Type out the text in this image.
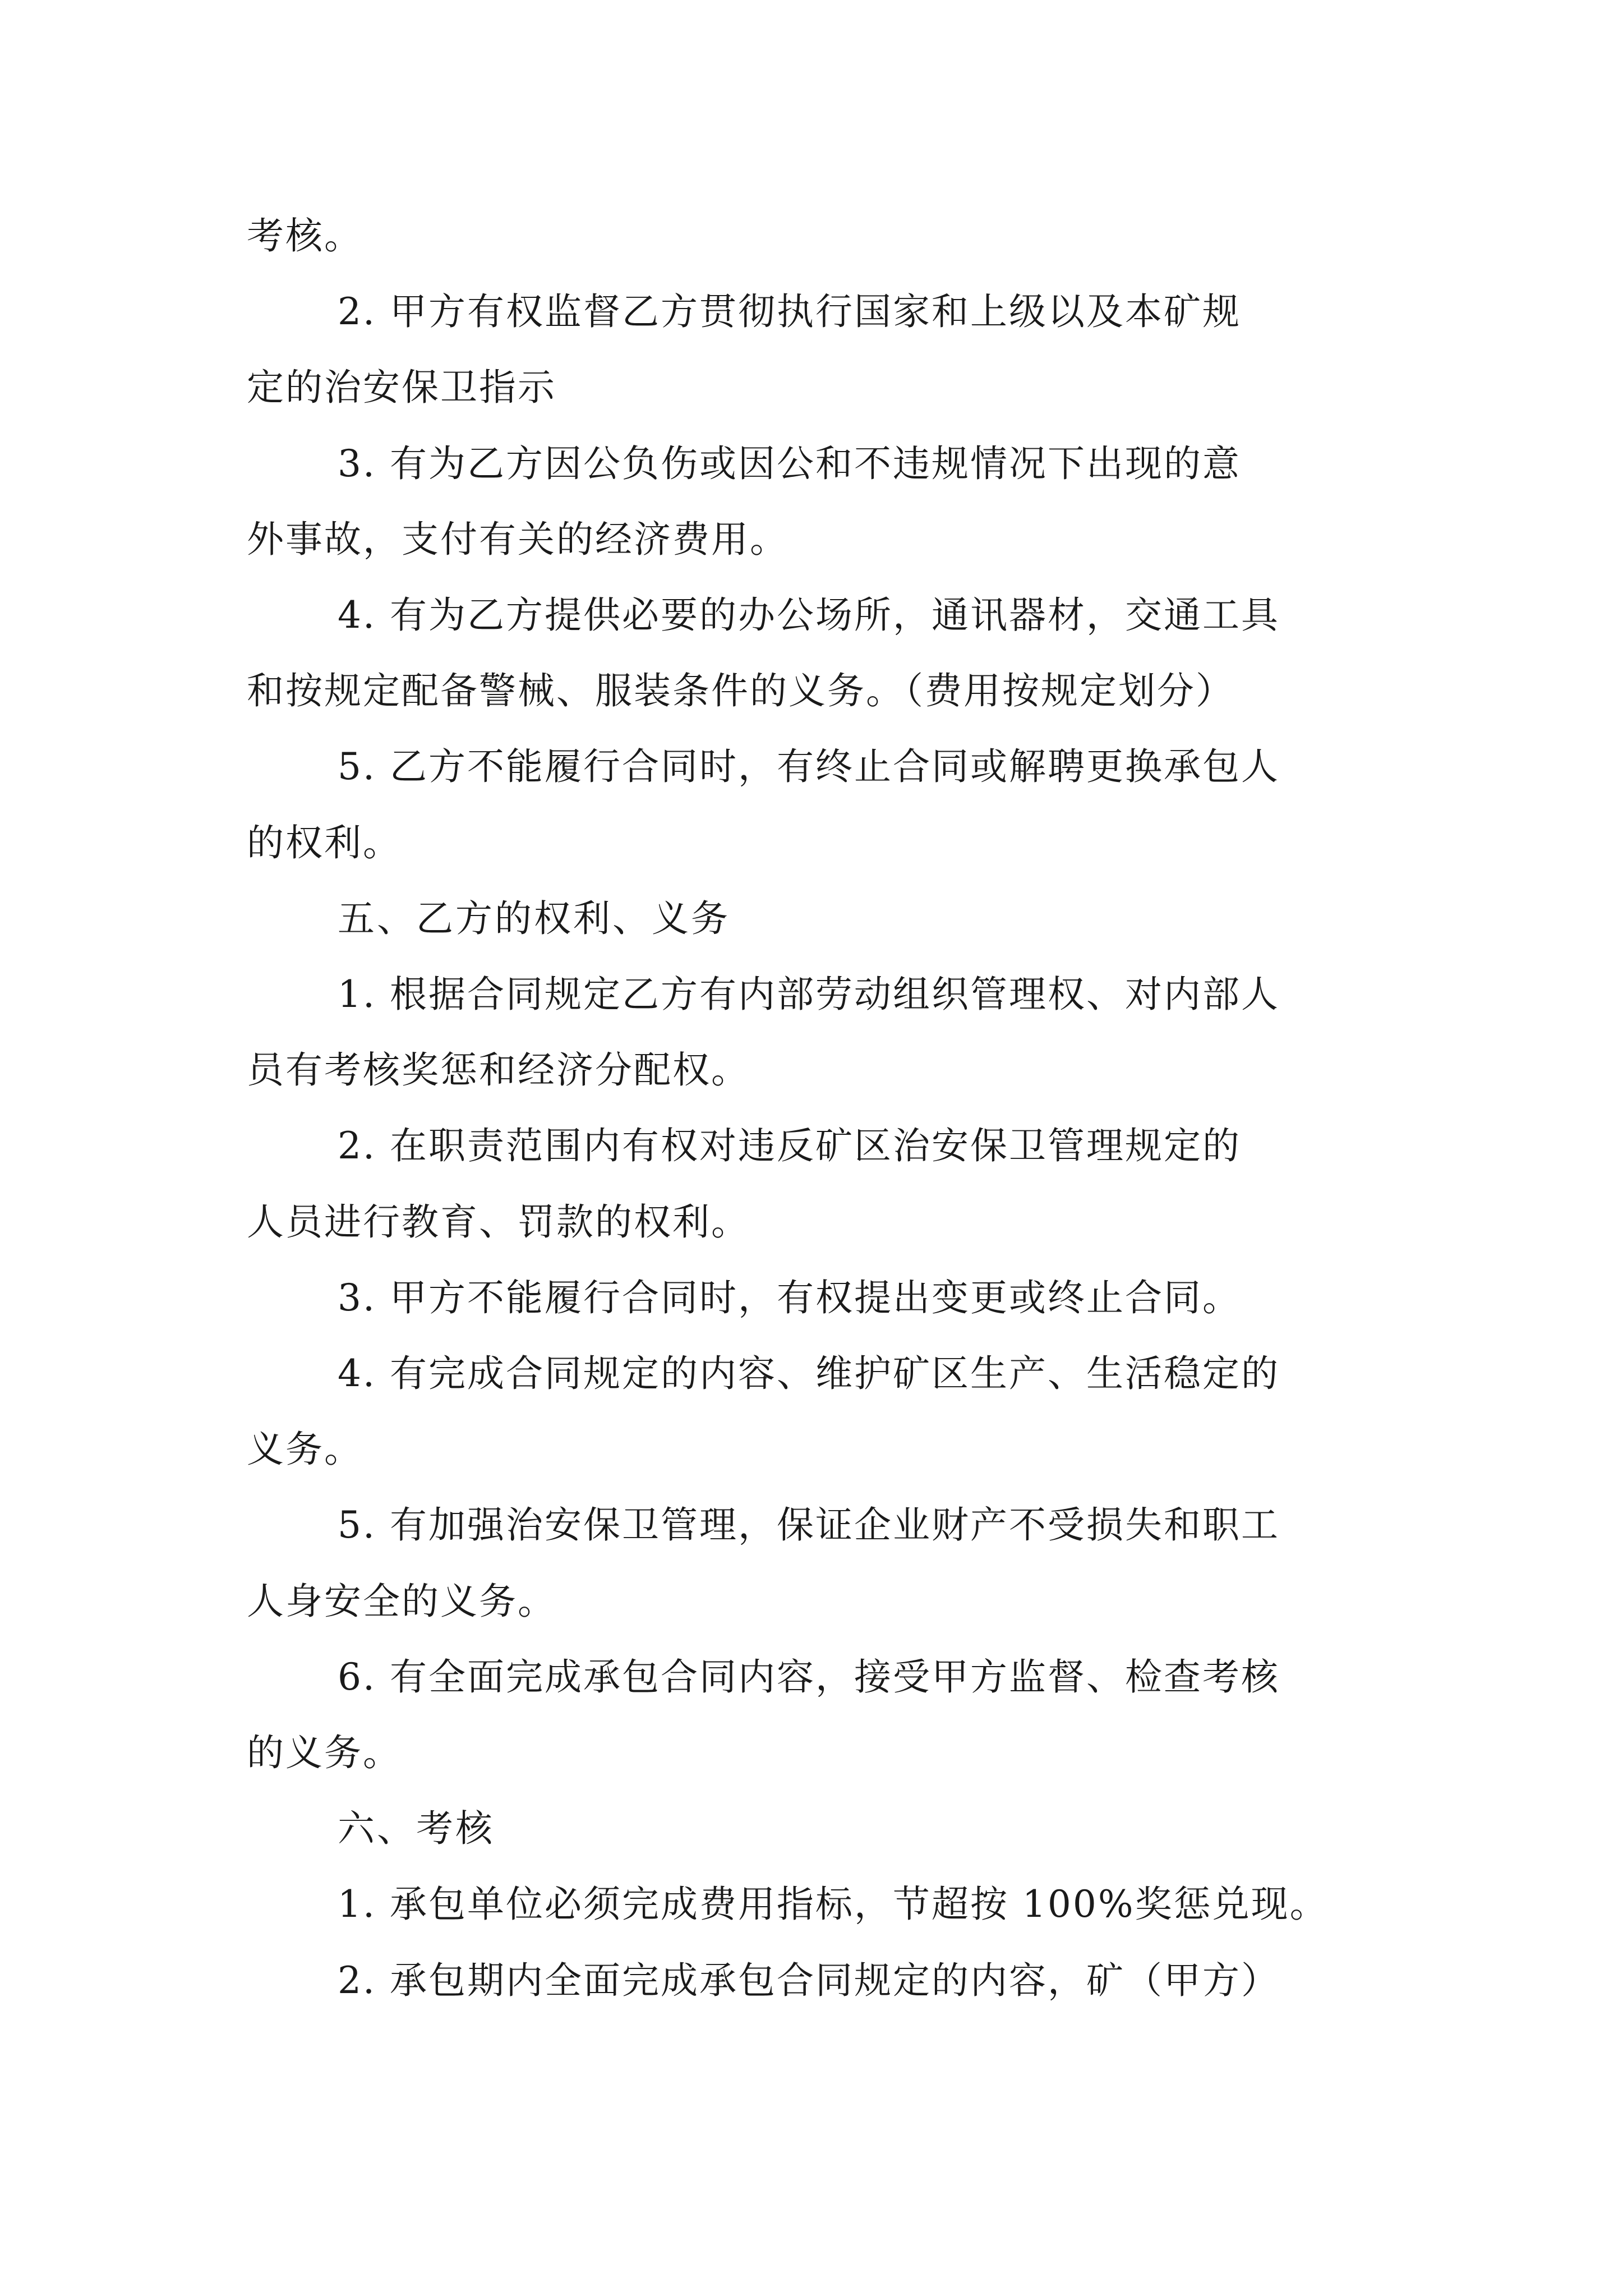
考核。

2. 甲方有权监督乙方贯彻执行国家和上级以及本矿规

定的治安保卫指示

3. 有为乙方因公负伤或因公和不违规情况下出现的意

外事故，支付有关的经济费用。

4. 有为乙方提供必要的办公场所，通讯器材，交通工具

和按规定配备警械、服装条件的义务。（费用按规定划分）

5. 乙方不能履行合同时，有终止合同或解聘更换承包人

的权利。

五、乙方的权利、义务

1. 根据合同规定乙方有内部劳动组织管理权、对内部人

员有考核奖惩和经济分配权。

2. 在职责范围内有权对违反矿区治安保卫管理规定的

人员进行教育、罚款的权利。

3. 甲方不能履行合同时，有权提出变更或终止合同。

4. 有完成合同规定的内容、维护矿区生产、生活稳定的

义务。

5. 有加强治安保卫管理，保证企业财产不受损失和职工

人身安全的义务。

6. 有全面完成承包合同内容，接受甲方监督、检查考核

的义务。

六、考核

1. 承包单位必须完成费用指标，节超按 100%奖惩兑现。

2. 承包期内全面完成承包合同规定的内容，矿（甲方）
